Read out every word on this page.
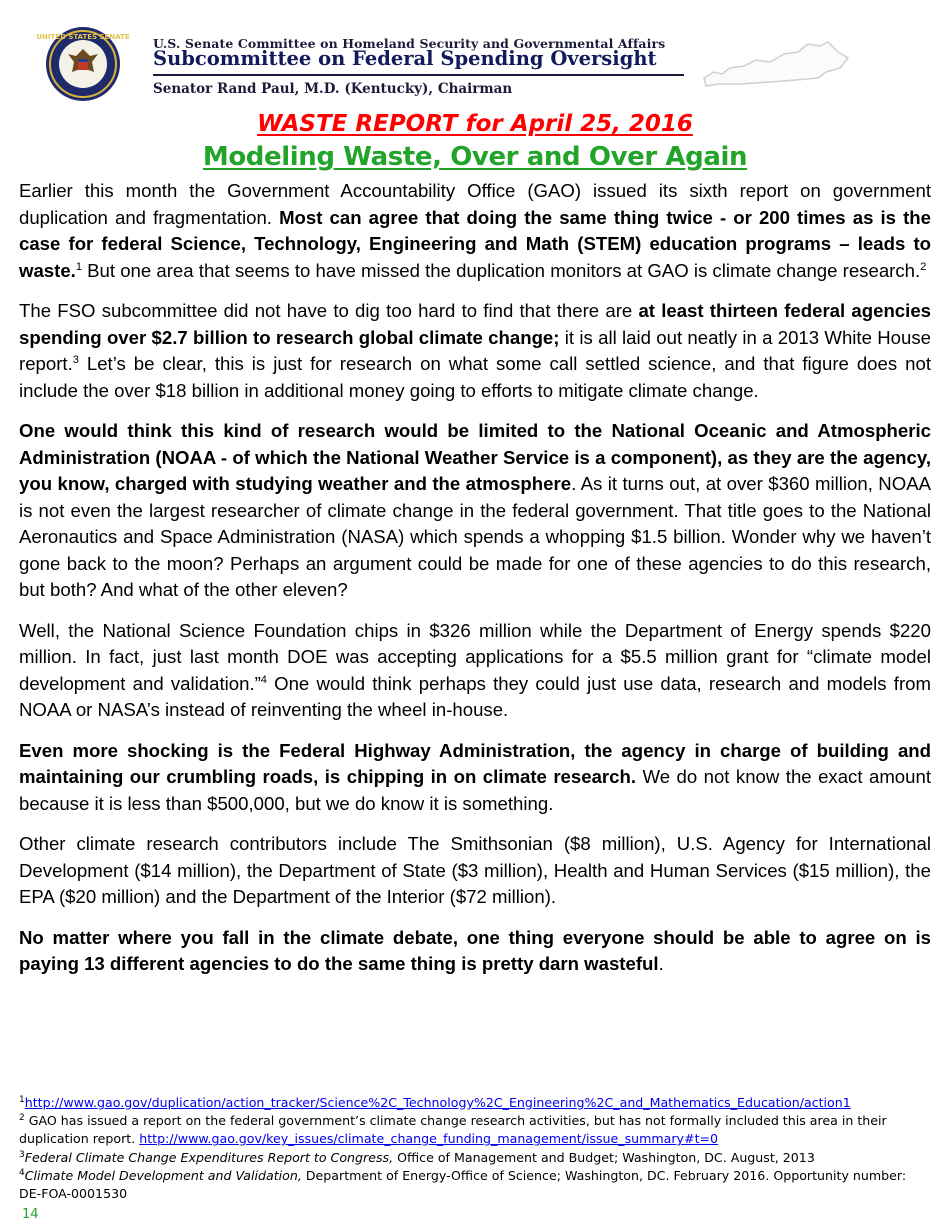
UNITED STATES SENATE U.S. Senate Committee on Homeland Security and Governmental Affairs
Subcommittee on Federal Spending Oversight
Senator Rand Paul, M.D. (Kentucky), Chairman
WASTE REPORT for April 25, 2016
Modeling Waste, Over and Over Again

Earlier this month the Government Accountability Office (GAO) issued its sixth report on government duplication and fragmentation. Most can agree that doing the same thing twice - or 200 times as is the case for federal Science, Technology, Engineering and Math (STEM) education programs – leads to waste.$^1$ But one area that seems to have missed the duplication monitors at GAO is climate change research.$^2$

The FSO subcommittee did not have to dig too hard to find that there are at least thirteen federal agencies spending over $2.7 billion to research global climate change; it is all laid out neatly in a 2013 White House report.$^3$ Let’s be clear, this is just for research on what some call settled science, and that figure does not include the over $18 billion in additional money going to efforts to mitigate climate change.

One would think this kind of research would be limited to the National Oceanic and Atmospheric Administration (NOAA - of which the National Weather Service is a component), as they are the agency, you know, charged with studying weather and the atmosphere. As it turns out, at over $360 million, NOAA is not even the largest researcher of climate change in the federal government. That title goes to the National Aeronautics and Space Administration (NASA) which spends a whopping $1.5 billion. Wonder why we haven’t gone back to the moon? Perhaps an argument could be made for one of these agencies to do this research, but both? And what of the other eleven?

Well, the National Science Foundation chips in $326 million while the Department of Energy spends $220 million. In fact, just last month DOE was accepting applications for a $5.5 million grant for “climate model development and validation.”$^4$ One would think perhaps they could just use data, research and models from NOAA or NASA’s instead of reinventing the wheel in-house.

Even more shocking is the Federal Highway Administration, the agency in charge of building and maintaining our crumbling roads, is chipping in on climate research. We do not know the exact amount because it is less than $500,000, but we do know it is something.

Other climate research contributors include The Smithsonian ($8 million), U.S. Agency for International Development ($14 million), the Department of State ($3 million), Health and Human Services ($15 million), the EPA ($20 million) and the Department of the Interior ($72 million).

No matter where you fall in the climate debate, one thing everyone should be able to agree on is paying 13 different agencies to do the same thing is pretty darn wasteful.

$^1$http://www.gao.gov/duplication/action_tracker/Science%2C_Technology%2C_Engineering%2C_and_Mathematics_Education/action1
$^2$ GAO has issued a report on the federal government’s climate change research activities, but has not formally included this area in their duplication report. http://www.gao.gov/key_issues/climate_change_funding_management/issue_summary#t=0
$^3$Federal Climate Change Expenditures Report to Congress, Office of Management and Budget; Washington, DC. August, 2013
$^4$Climate Model Development and Validation, Department of Energy-Office of Science; Washington, DC. February 2016. Opportunity number: DE-FOA-0001530
14
